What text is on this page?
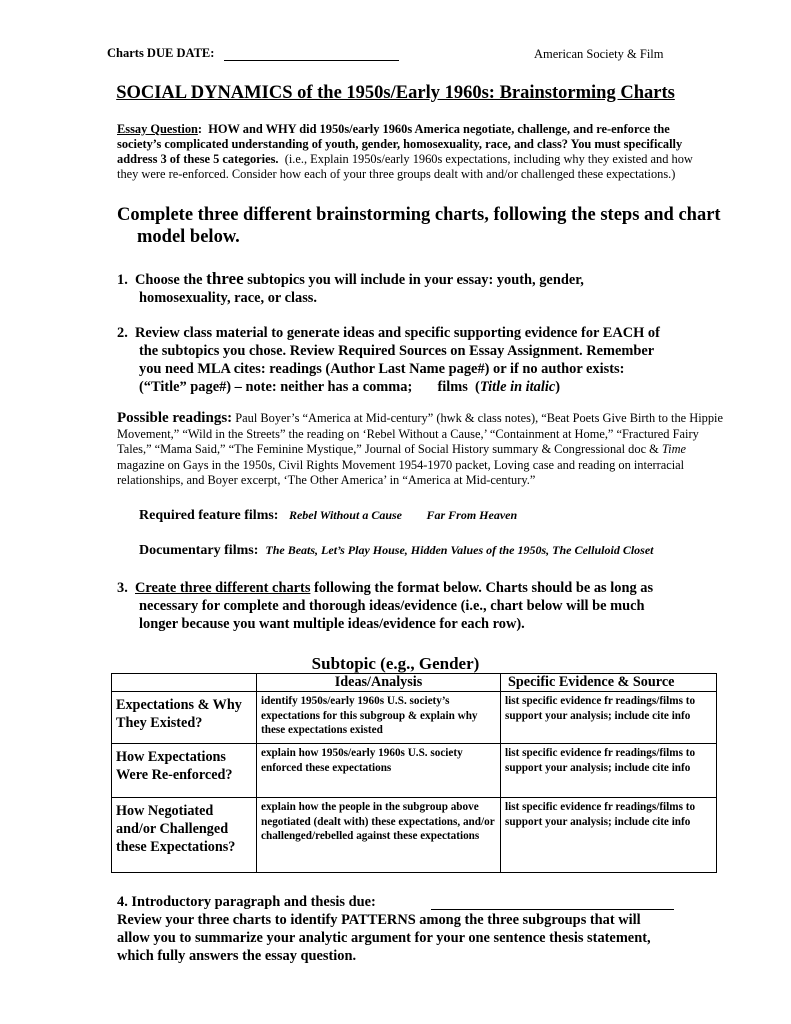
Charts DUE DATE:	American Society & Film
SOCIAL DYNAMICS of the 1950s/Early 1960s: Brainstorming Charts
Essay Question:  HOW and WHY did 1950s/early 1960s America negotiate, challenge, and re-enforce the society’s complicated understanding of youth, gender, homosexuality, race, and class? You must specifically address 3 of these 5 categories. (i.e., Explain 1950s/early 1960s expectations, including why they existed and how they were re-enforced. Consider how each of your three groups dealt with and/or challenged these expectations.)
Complete three different brainstorming charts, following the steps and chart
model below.
1. Choose the three subtopics you will include in your essay: youth, gender,
homosexuality, race, or class.
2. Review class material to generate ideas and specific supporting evidence for EACH of
the subtopics you chose. Review Required Sources on Essay Assignment. Remember
you need MLA cites: readings (Author Last Name page#) or if no author exists:
(“Title” page#) – note: neither has a comma; films  (Title in italic)
Possible readings: Paul Boyer’s “America at Mid-century” (hwk & class notes), “Beat Poets Give Birth to the Hippie Movement,” “Wild in the Streets” the reading on ‘Rebel Without a Cause,’ “Containment at Home,” “Fractured Fairy Tales,” “Mama Said,” “The Feminine Mystique,” Journal of Social History summary & Congressional doc & Time magazine on Gays in the 1950s, Civil Rights Movement 1954-1970 packet, Loving case and reading on interracial relationships, and Boyer excerpt, ‘The Other America’ in “America at Mid-century.”
Required feature films: Rebel Without a Cause Far From Heaven
Documentary films: The Beats, Let’s Play House, Hidden Values of the 1950s, The Celluloid Closet
3. Create three different charts following the format below. Charts should be as long as
necessary for complete and thorough ideas/evidence (i.e., chart below will be much
longer because you want multiple ideas/evidence for each row).
Subtopic (e.g., Gender)
	Ideas/Analysis	Specific Evidence & Source
Expectations & Why They Existed?	identify 1950s/early 1960s U.S. society’s expectations for this subgroup & explain why these expectations existed	list specific evidence fr readings/films to support your analysis; include cite info
How Expectations Were Re-enforced?	explain how 1950s/early 1960s U.S. society enforced these expectations	list specific evidence fr readings/films to support your analysis; include cite info
How Negotiated and/or Challenged these Expectations?	explain how the people in the subgroup above negotiated (dealt with) these expectations, and/or challenged/rebelled against these expectations	list specific evidence fr readings/films to support your analysis; include cite info
4. Introductory paragraph and thesis due:
Review your three charts to identify PATTERNS among the three subgroups that will
allow you to summarize your analytic argument for your one sentence thesis statement,
which fully answers the essay question.
